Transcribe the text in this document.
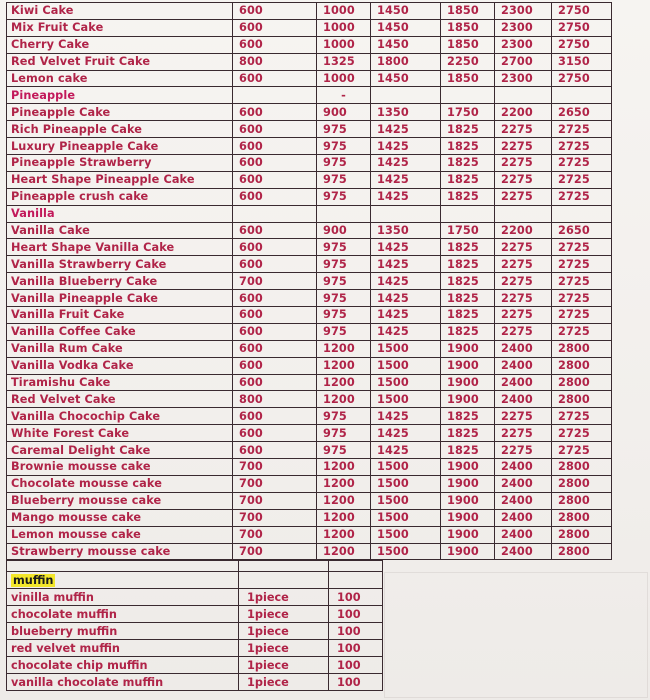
Kiwi Cake	600	1000	1450	1850	2300	2750
Mix Fruit Cake	600	1000	1450	1850	2300	2750
Cherry Cake	600	1000	1450	1850	2300	2750
Red Velvet Fruit Cake	800	1325	1800	2250	2700	3150
Lemon cake	600	1000	1450	1850	2300	2750
Pineapple		-				
Pineapple Cake	600	900	1350	1750	2200	2650
Rich Pineapple Cake	600	975	1425	1825	2275	2725
Luxury Pineapple Cake	600	975	1425	1825	2275	2725
Pineapple Strawberry	600	975	1425	1825	2275	2725
Heart Shape Pineapple Cake	600	975	1425	1825	2275	2725
Pineapple crush cake	600	975	1425	1825	2275	2725
Vanilla						
Vanilla Cake	600	900	1350	1750	2200	2650
Heart Shape Vanilla Cake	600	975	1425	1825	2275	2725
Vanilla Strawberry Cake	600	975	1425	1825	2275	2725
Vanilla Blueberry Cake	700	975	1425	1825	2275	2725
Vanilla Pineapple Cake	600	975	1425	1825	2275	2725
Vanilla Fruit Cake	600	975	1425	1825	2275	2725
Vanilla Coffee Cake	600	975	1425	1825	2275	2725
Vanilla Rum Cake	600	1200	1500	1900	2400	2800
Vanilla Vodka Cake	600	1200	1500	1900	2400	2800
Tiramishu Cake	600	1200	1500	1900	2400	2800
Red Velvet Cake	800	1200	1500	1900	2400	2800
Vanilla Chocochip Cake	600	975	1425	1825	2275	2725
White Forest Cake	600	975	1425	1825	2275	2725
Caremal Delight Cake	600	975	1425	1825	2275	2725
Brownie mousse cake	700	1200	1500	1900	2400	2800
Chocolate mousse cake	700	1200	1500	1900	2400	2800
Blueberry mousse cake	700	1200	1500	1900	2400	2800
Mango mousse cake	700	1200	1500	1900	2400	2800
Lemon mousse cake	700	1200	1500	1900	2400	2800
Strawberry mousse cake	700	1200	1500	1900	2400	2800

muffin		
vinilla muffin	1piece	100
chocolate muffin	1piece	100
blueberry muffin	1piece	100
red velvet muffin	1piece	100
chocolate chip muffin	1piece	100
vanilla chocolate muffin	1piece	100
